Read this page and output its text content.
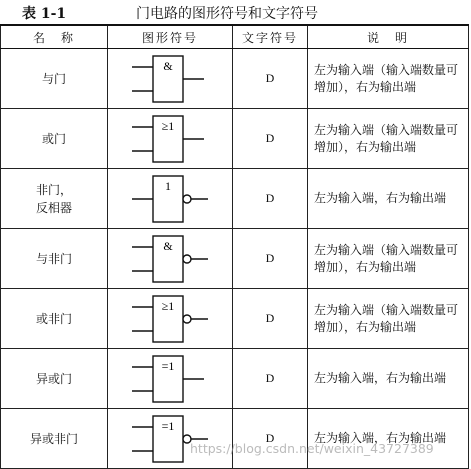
表 1-1	门电路的图形符号和文字符号
名　称	图形符号	文字符号	说　明
与门	&	D	左为输入端（输入端数量可增加），右为输出端
或门	≥1	D	左为输入端（输入端数量可增加），右为输出端
非门，
反相器	1	D	左为输入端，右为输出端
与非门	&	D	左为输入端（输入端数量可增加），右为输出端
或非门	≥1	D	左为输入端（输入端数量可增加），右为输出端
异或门	=1	D	左为输入端，右为输出端
异或非门	=1	D	左为输入端，右为输出端
https://blog.csdn.net/weixin_43727389
